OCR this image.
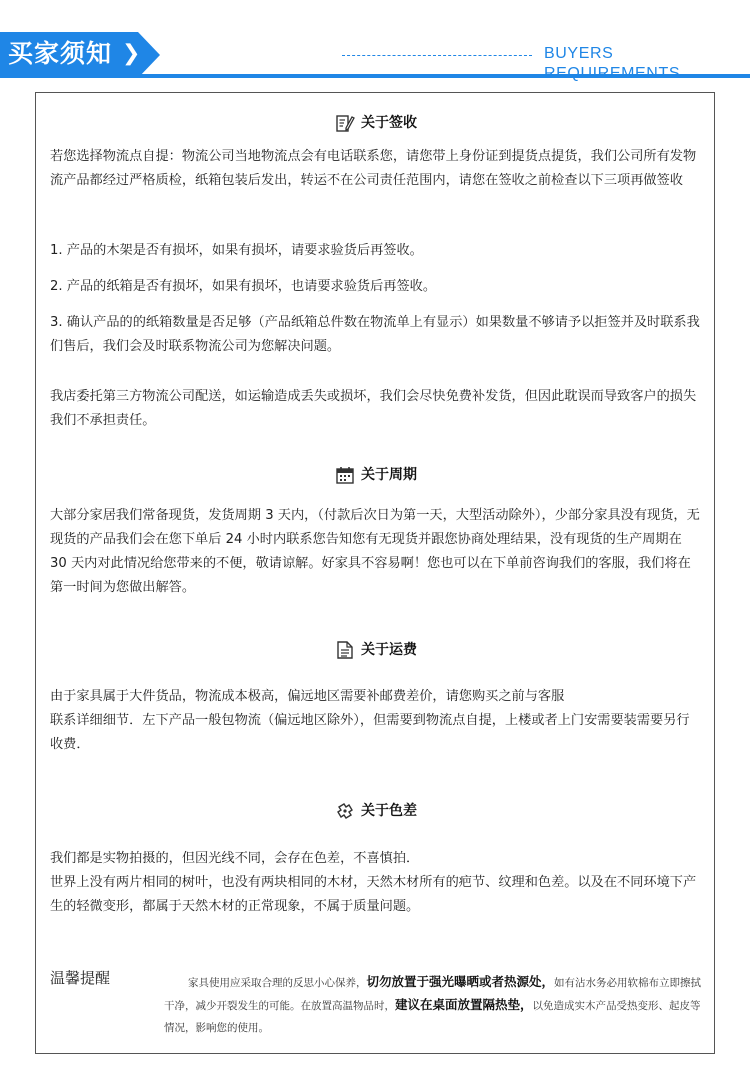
买家须知 ❯	BUYERS REQUIREMENTS
关于签收
若您选择物流点自提：物流公司当地物流点会有电话联系您，请您带上身份证到提货点提货，我们公司所有发物流产品都经过严格质检，纸箱包装后发出，转运不在公司责任范围内，请您在签收之前检查以下三项再做签收
1. 产品的木架是否有损坏，如果有损坏，请要求验货后再签收。
2. 产品的纸箱是否有损坏，如果有损坏，也请要求验货后再签收。
3. 确认产品的的纸箱数量是否足够（产品纸箱总件数在物流单上有显示）如果数量不够请予以拒签并及时联系我们售后，我们会及时联系物流公司为您解决问题。
我店委托第三方物流公司配送，如运输造成丢失或损坏，我们会尽快免费补发货，但因此耽误而导致客户的损失我们不承担责任。
关于周期
大部分家居我们常备现货，发货周期 3 天内，（付款后次日为第一天，大型活动除外），少部分家具没有现货，无现货的产品我们会在您下单后 24 小时内联系您告知您有无现货并跟您协商处理结果，没有现货的生产周期在 30 天内对此情况给您带来的不便，敬请谅解。好家具不容易啊！您也可以在下单前咨询我们的客服，我们将在第一时间为您做出解答。
关于运费
由于家具属于大件货品，物流成本极高，偏远地区需要补邮费差价，请您购买之前与客服
联系详细细节．左下产品一般包物流（偏远地区除外），但需要到物流点自提，上楼或者上门安需要装需要另行收费．
关于色差
我们都是实物拍摄的，但因光线不同，会存在色差，不喜慎拍．
世界上没有两片相同的树叶，也没有两块相同的木材，天然木材所有的疤节、纹理和色差。以及在不同环境下产生的轻微变形，都属于天然木材的正常现象，不属于质量问题。
温馨提醒	家具使用应采取合理的反思小心保养，切勿放置于强光曝晒或者热源处，如有沾水务必用软棉布立即擦拭干净，减少开裂发生的可能。在放置高温物品时，建议在桌面放置隔热垫，以免造成实木产品受热变形、起皮等情况，影响您的使用。
